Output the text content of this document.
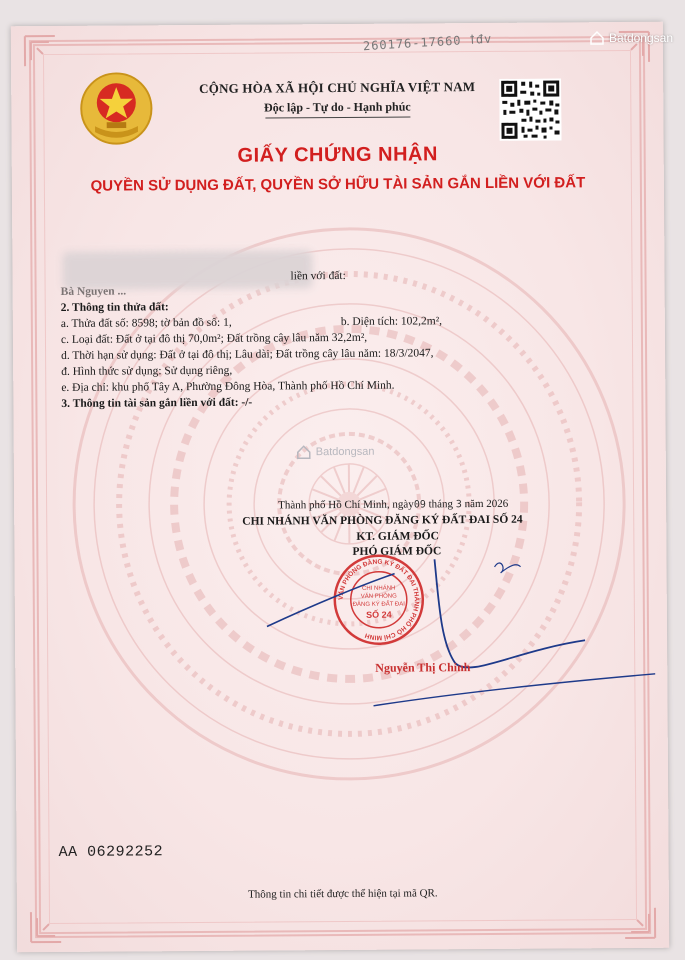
260176-17660 ꝉđv
CỘNG HÒA XÃ HỘI CHỦ NGHĨA VIỆT NAM
Độc lập - Tự do - Hạnh phúc
GIẤY CHỨNG NHẬN
QUYỀN SỬ DỤNG ĐẤT, QUYỀN SỞ HỮU TÀI SẢN GẮN LIỀN VỚI ĐẤT
liền với đất:
Bà Nguyen ...
2. Thông tin thửa đất:
a. Thửa đất số: 8598; tờ bản đồ số: 1,	b. Diện tích: 102,2m²,
c. Loại đất: Đất ở tại đô thị 70,0m²; Đất trồng cây lâu năm 32,2m²,
d. Thời hạn sử dụng: Đất ở tại đô thị; Lâu dài; Đất trồng cây lâu năm: 18/3/2047,
đ. Hình thức sử dụng: Sử dụng riêng,
e. Địa chỉ: khu phố Tây A, Phường Đông Hòa, Thành phố Hồ Chí Minh.
3. Thông tin tài sản gắn liền với đất: -/-
Thành phố Hồ Chí Minh, ngày09 tháng 3 năm 2026
CHI NHÁNH VĂN PHÒNG ĐĂNG KÝ ĐẤT ĐAI SỐ 24
KT. GIÁM ĐỐC
PHÓ GIÁM ĐỐC
VĂN PHÒNG ĐĂNG KÝ ĐẤT ĐAI THÀNH PHỐ HỒ CHÍ MINH
CHI NHÁNH
VĂN PHÒNG
ĐĂNG KÝ ĐẤT ĐAI
SỐ 24
Nguyễn Thị Chinh
AA 06292252
Thông tin chi tiết được thể hiện tại mã QR.
Batdongsan
Batdongsan
